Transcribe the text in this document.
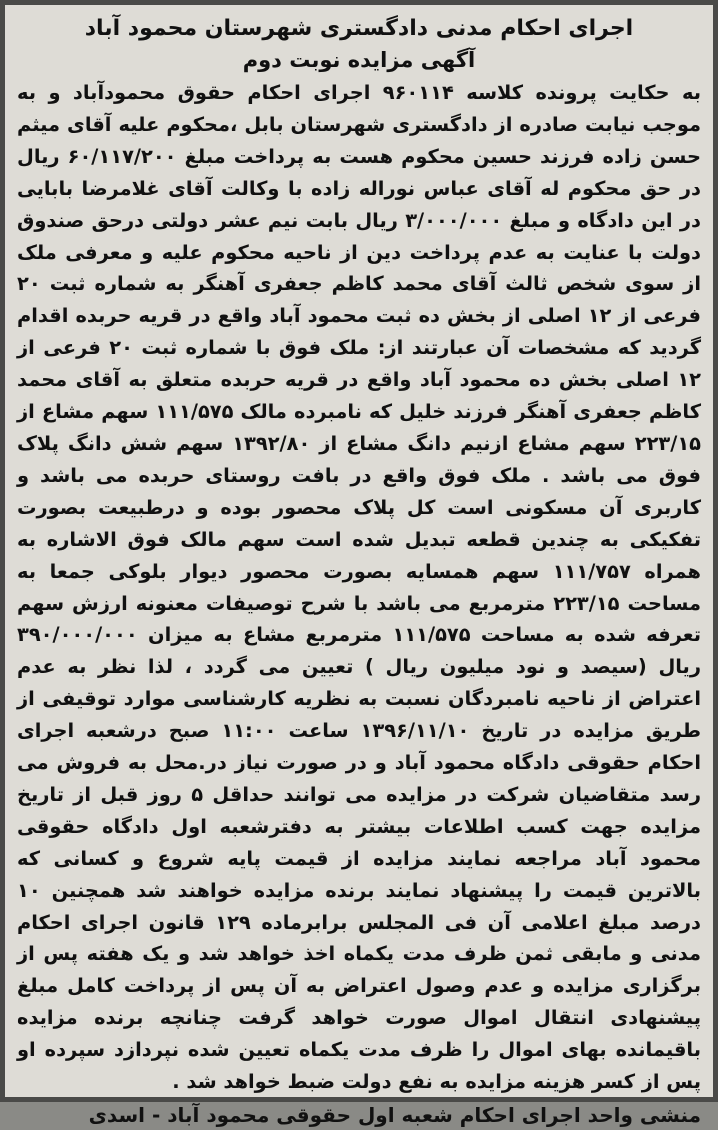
اجرای احکام مدنی دادگستری شهرستان محمود آباد
آگهی مزایده نوبت دوم

به حکایت پرونده کلاسه ۹۶۰۱۱۴ اجرای احکام حقوق محمودآباد و به موجب نیابت صادره از دادگستری شهرستان بابل ،محکوم علیه آقای میثم حسن زاده فرزند حسین محکوم هست به پرداخت مبلغ ۶۰/۱۱۷/۲۰۰ ریال در حق محکوم له آقای عباس نوراله زاده با وکالت آقای غلامرضا بابایی در این دادگاه و مبلغ ۳/۰۰۰/۰۰۰ ریال بابت نیم عشر دولتی درحق صندوق دولت با عنایت به عدم پرداخت دین از ناحیه محکوم علیه و معرفی ملک از سوی شخص ثالث آقای محمد کاظم جعفری آهنگر به شماره ثبت ۲۰ فرعی از ۱۲ اصلی از بخش ده ثبت محمود آباد واقع در قریه حربده اقدام گردید که مشخصات آن عبارتند از: ملک فوق با شماره ثبت ۲۰ فرعی از ۱۲ اصلی بخش ده محمود آباد واقع در قریه حربده متعلق به آقای محمد کاظم جعفری آهنگر فرزند خلیل که نامبرده مالک ۱۱۱/۵۷۵ سهم مشاع از ۲۲۳/۱۵ سهم مشاع ازنیم دانگ مشاع از ۱۳۹۲/۸۰ سهم شش دانگ پلاک فوق می باشد . ملک فوق واقع در بافت روستای حربده می باشد و کاربری آن مسکونی است کل پلاک محصور بوده و درطبیعت بصورت تفکیکی به چندین قطعه تبدیل شده است سهم مالک فوق الاشاره به همراه ۱۱۱/۷۵۷ سهم همسایه بصورت محصور دیوار بلوکی جمعا به مساحت ۲۲۳/۱۵ مترمربع می باشد با شرح توصیفات معنونه ارزش سهم تعرفه شده به مساحت ۱۱۱/۵۷۵ مترمربع مشاع به میزان ۳۹۰/۰۰۰/۰۰۰ ریال (سیصد و نود میلیون ریال ) تعیین می گردد ، لذا نظر به عدم اعتراض از ناحیه نامبردگان نسبت به نظریه کارشناسی موارد توقیفی از طریق مزایده در تاریخ ۱۳۹۶/۱۱/۱۰ ساعت ۱۱:۰۰ صبح درشعبه اجرای احکام حقوقی دادگاه محمود آباد و در صورت نیاز در.محل به فروش می رسد متقاضیان شرکت در مزایده می توانند حداقل ۵ روز قبل از تاریخ مزایده جهت کسب اطلاعات بیشتر به دفترشعبه اول دادگاه حقوقی محمود آباد مراجعه نمایند مزایده از قیمت پایه شروع و کسانی که بالاترین قیمت را پیشنهاد نمایند برنده مزایده خواهند شد همچنین ۱۰ درصد مبلغ اعلامی آن فی المجلس برابرماده ۱۲۹ قانون اجرای احکام مدنی و مابقی ثمن ظرف مدت یکماه اخذ خواهد شد و یک هفته پس از برگزاری مزایده و عدم وصول اعتراض به آن پس از پرداخت کامل مبلغ پیشنهادی انتقال اموال صورت خواهد گرفت چنانچه برنده مزایده باقیمانده بهای اموال را ظرف مدت یکماه تعیین شده نپردازد سپرده او پس از کسر هزینه مزایده به نفع دولت ضبط خواهد شد .

منشی واحد اجرای احکام شعبه اول حقوقی محمود آباد - اسدی
